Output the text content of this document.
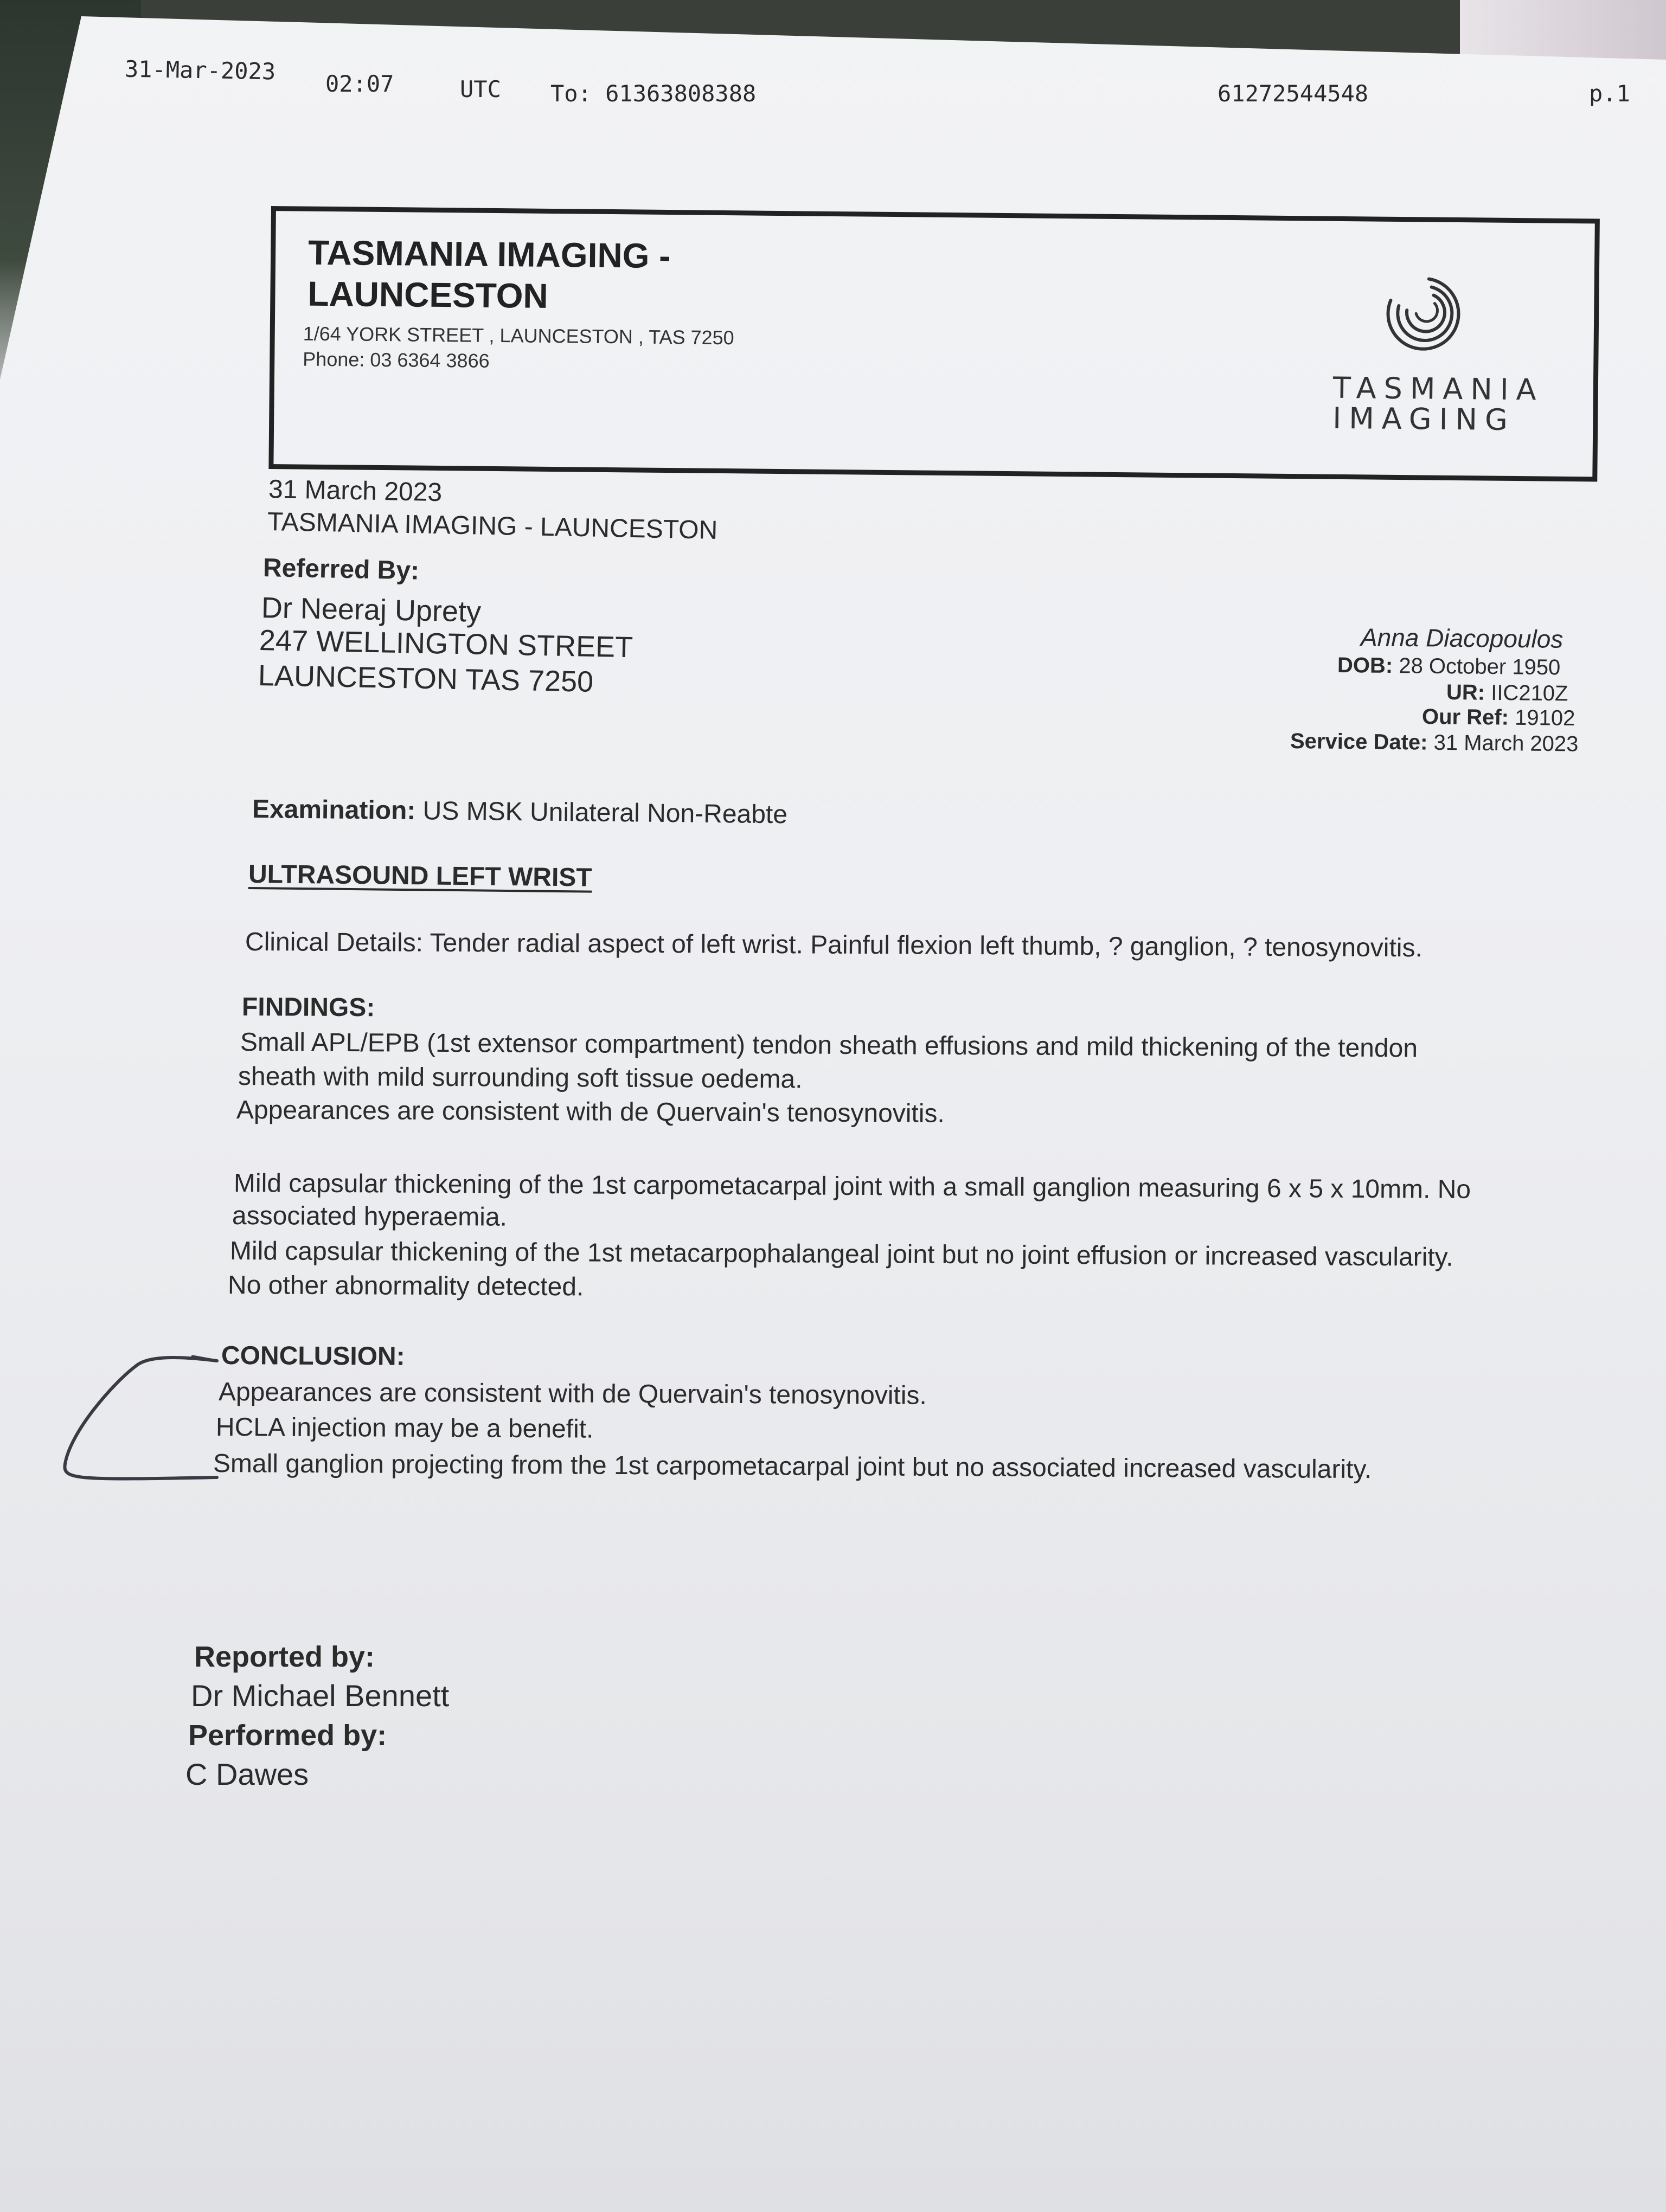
31-Mar-2023 02:07	UTC To: 61363808388	61272544548	p.1
TASMANIA IMAGING -
LAUNCESTON
1/64 YORK STREET , LAUNCESTON , TAS 7250
Phone: 03 6364 3866
TASMANIA
IMAGING
31 March 2023
TASMANIA IMAGING - LAUNCESTON
Referred By:
Dr Neeraj Uprety
247 WELLINGTON STREET
LAUNCESTON TAS 7250
Anna Diacopoulos
DOB: 28 October 1950
UR: IIC210Z
Our Ref: 19102
Service Date: 31 March 2023
Examination: US MSK Unilateral Non-Reabte
ULTRASOUND LEFT WRIST
Clinical Details: Tender radial aspect of left wrist. Painful flexion left thumb, ? ganglion, ? tenosynovitis.
FINDINGS:
Small APL/EPB (1st extensor compartment) tendon sheath effusions and mild thickening of the tendon
sheath with mild surrounding soft tissue oedema.
Appearances are consistent with de Quervain's tenosynovitis.
Mild capsular thickening of the 1st carpometacarpal joint with a small ganglion measuring 6 x 5 x 10mm. No
associated hyperaemia.
Mild capsular thickening of the 1st metacarpophalangeal joint but no joint effusion or increased vascularity.
No other abnormality detected.
CONCLUSION:
Appearances are consistent with de Quervain's tenosynovitis.
HCLA injection may be a benefit.
Small ganglion projecting from the 1st carpometacarpal joint but no associated increased vascularity.
Reported by:
Dr Michael Bennett
Performed by:
C Dawes
